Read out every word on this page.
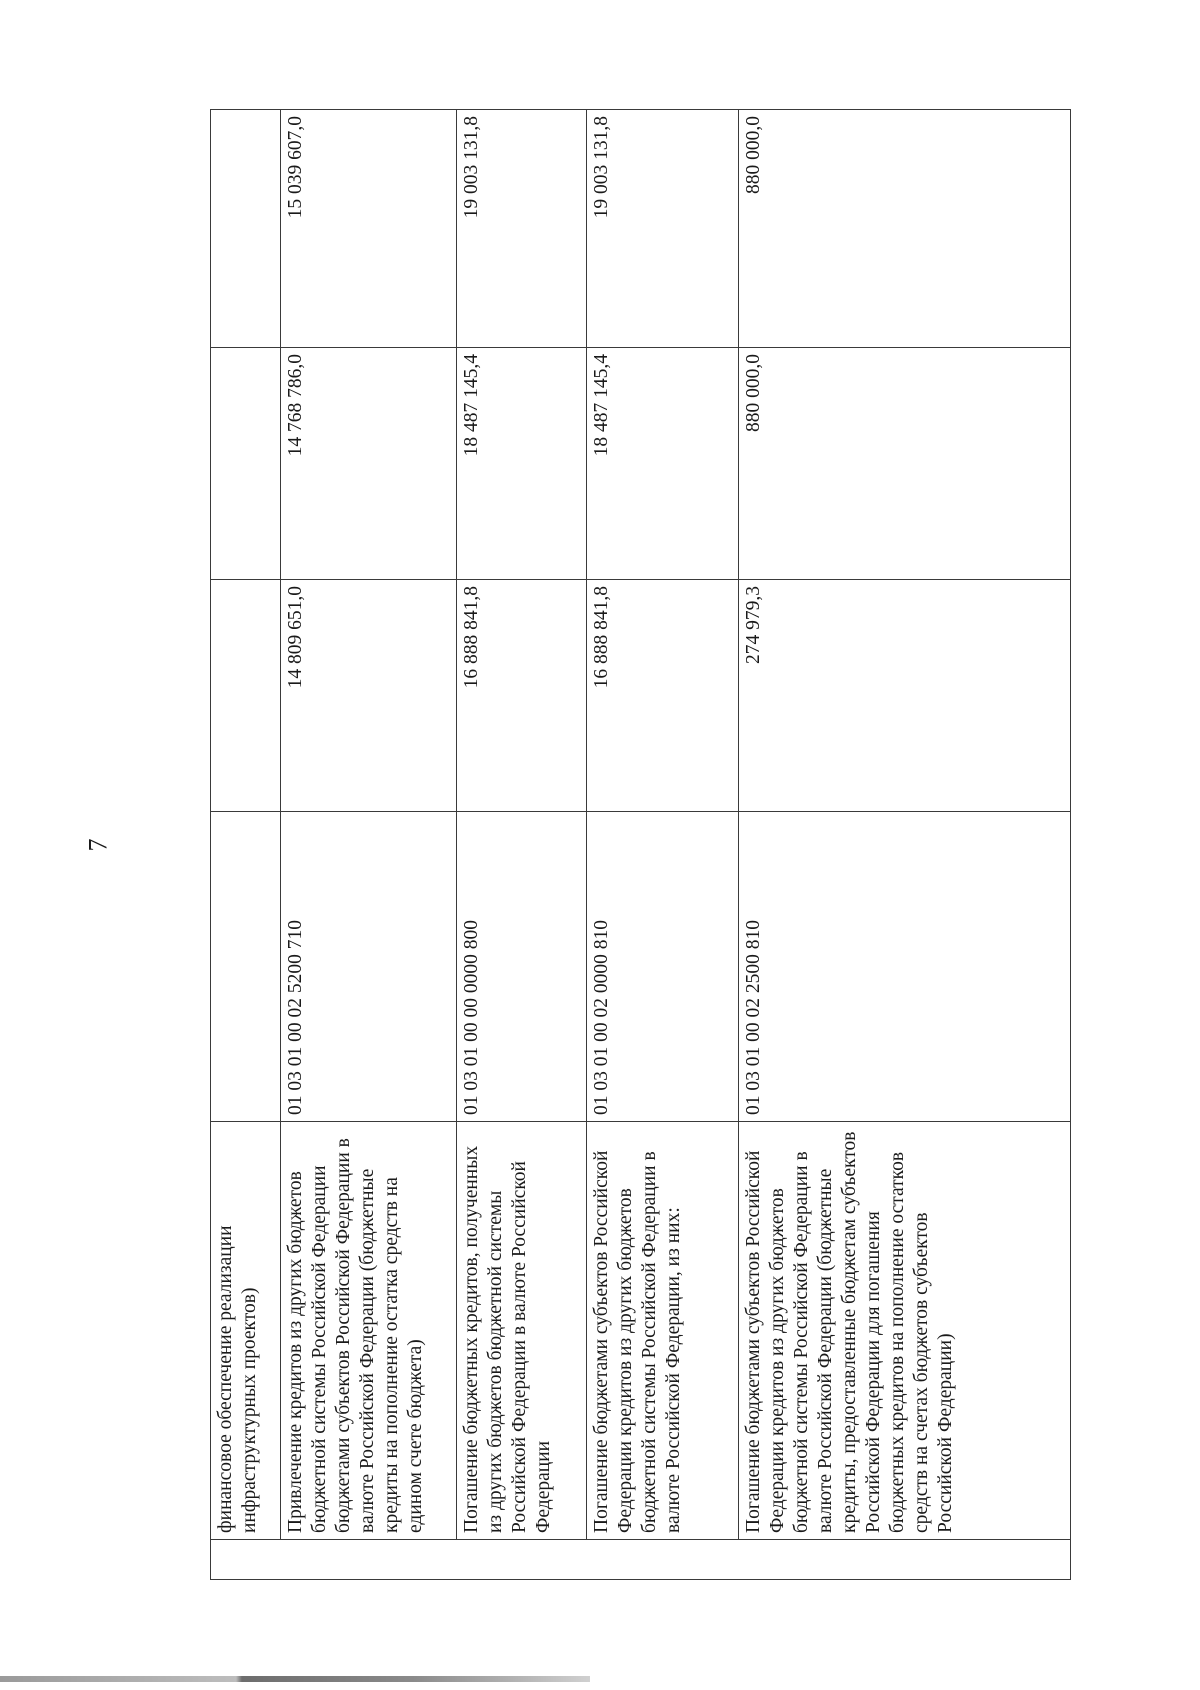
7
	финансовое обеспечение реализации инфраструктурных проектов)				
	Привлечение кредитов из других бюджетов бюджетной системы Российской Федерации бюджетами субъектов Российской Федерации в валюте Российской Федерации (бюджетные кредиты на пополнение остатка средств на едином счете бюджета)	01 03 01 00 02 5200 710	14 809 651,0	14 768 786,0	15 039 607,0
	Погашение бюджетных кредитов, полученных из других бюджетов бюджетной системы Российской Федерации в валюте Российской Федерации	01 03 01 00 00 0000 800	16 888 841,8	18 487 145,4	19 003 131,8
	Погашение бюджетами субъектов Российской Федерации кредитов из других бюджетов бюджетной системы Российской Федерации в валюте Российской Федерации, из них:	01 03 01 00 02 0000 810	16 888 841,8	18 487 145,4	19 003 131,8
	Погашение бюджетами субъектов Российской Федерации кредитов из других бюджетов бюджетной системы Российской Федерации в валюте Российской Федерации (бюджетные кредиты, предоставленные бюджетам субъектов Российской Федерации для погашения бюджетных кредитов на пополнение остатков средств на счетах бюджетов субъектов Российской Федерации)	01 03 01 00 02 2500 810	274 979,3	880 000,0	880 000,0
